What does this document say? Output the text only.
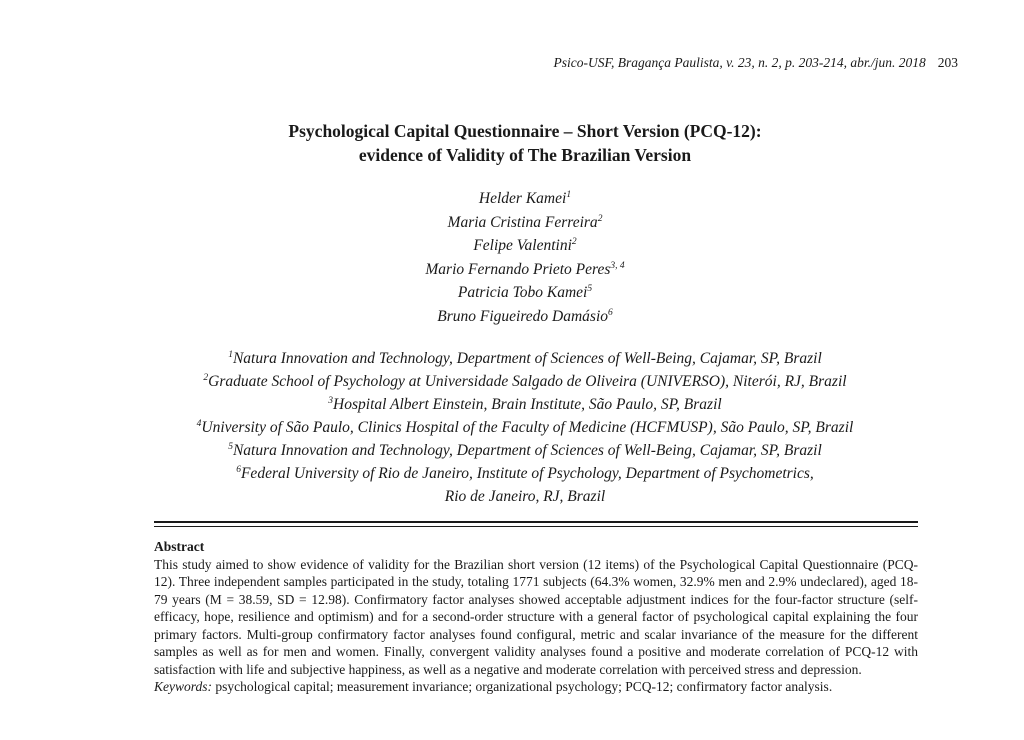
Psico-USF, Bragança Paulista, v. 23, n. 2, p. 203-214, abr./jun. 2018 203
Psychological Capital Questionnaire – Short Version (PCQ-12):
evidence of Validity of The Brazilian Version
Helder Kamei$^1$
Maria Cristina Ferreira$^2$
Felipe Valentini$^2$
Mario Fernando Prieto Peres$^{3, 4}$
Patricia Tobo Kamei$^5$
Bruno Figueiredo Damásio$^6$
$^1$Natura Innovation and Technology, Department of Sciences of Well-Being, Cajamar, SP, Brazil
$^2$Graduate School of Psychology at Universidade Salgado de Oliveira (UNIVERSO), Niterói, RJ, Brazil
$^3$Hospital Albert Einstein, Brain Institute, São Paulo, SP, Brazil
$^4$University of São Paulo, Clinics Hospital of the Faculty of Medicine (HCFMUSP), São Paulo, SP, Brazil
$^5$Natura Innovation and Technology, Department of Sciences of Well-Being, Cajamar, SP, Brazil
$^6$Federal University of Rio de Janeiro, Institute of Psychology, Department of Psychometrics,
Rio de Janeiro, RJ, Brazil
Abstract

This study aimed to show evidence of validity for the Brazilian short version (12 items) of the Psychological Capital Questionnaire (PCQ-12). Three independent samples participated in the study, totaling 1771 subjects (64.3% women, 32.9% men and 2.9% undeclared), aged 18-79 years (M = 38.59, SD = 12.98). Confirmatory factor analyses showed acceptable adjustment indices for the four-factor structure (self-efficacy, hope, resilience and optimism) and for a second-order structure with a general factor of psychological capital explaining the four primary factors. Multi-group confirmatory factor analyses found configural, metric and scalar invariance of the measure for the different samples as well as for men and women. Finally, convergent validity analyses found a positive and moderate correlation of PCQ-12 with satisfaction with life and subjective happiness, as well as a negative and moderate correlation with perceived stress and depression.

Keywords: psychological capital; measurement invariance; organizational psychology; PCQ-12; confirmatory factor analysis.
